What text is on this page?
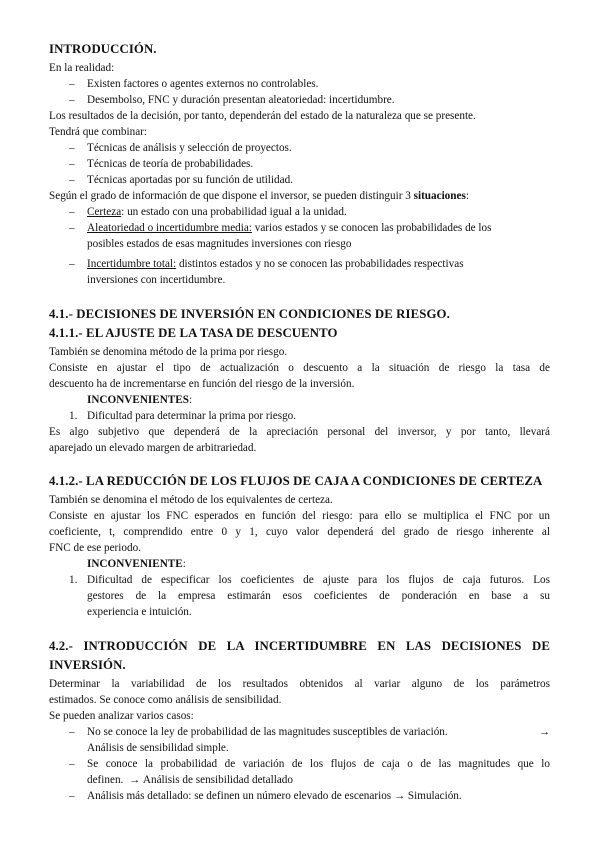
INTRODUCCIÓN.
En la realidad:
– Existen factores o agentes externos no controlables.
– Desembolso, FNC y duración presentan aleatoriedad: incertidumbre.
Los resultados de la decisión, por tanto, dependerán del estado de la naturaleza que se presente.
Tendrá que combinar:
– Técnicas de análisis y selección de proyectos.
– Técnicas de teoría de probabilidades.
– Técnicas aportadas por su función de utilidad.
Según el grado de información de que dispone el inversor, se pueden distinguir 3 situaciones:
– Certeza: un estado con una probabilidad igual a la unidad.
– Aleatoriedad o incertidumbre media: varios estados y se conocen las probabilidades de los
posibles estados de esas magnitudes inversiones con riesgo
– Incertidumbre total: distintos estados y no se conocen las probabilidades respectivas
inversiones con incertidumbre.
4.1.- DECISIONES DE INVERSIÓN EN CONDICIONES DE RIESGO.
4.1.1.- EL AJUSTE DE LA TASA DE DESCUENTO
También se denomina método de la prima por riesgo.
Consiste en ajustar el tipo de actualización o descuento a la situación de riesgo la tasa de
descuento ha de incrementarse en función del riesgo de la inversión.
INCONVENIENTES:
1. Dificultad para determinar la prima por riesgo.
Es algo subjetivo que dependerá de la apreciación personal del inversor, y por tanto, llevará
aparejado un elevado margen de arbitrariedad.
4.1.2.- LA REDUCCIÓN DE LOS FLUJOS DE CAJA A CONDICIONES DE CERTEZA
También se denomina el método de los equivalentes de certeza.
Consiste en ajustar los FNC esperados en función del riesgo: para ello se multiplica el FNC por un
coeficiente, t, comprendido entre 0 y 1, cuyo valor dependerá del grado de riesgo inherente al
FNC de ese periodo.
INCONVENIENTE:
1. Dificultad de especificar los coeficientes de ajuste para los flujos de caja futuros. Los
gestores de la empresa estimarán esos coeficientes de ponderación en base a su
experiencia e intuición.
4.2.- INTRODUCCIÓN DE LA INCERTIDUMBRE EN LAS DECISIONES DE
INVERSIÓN.
Determinar la variabilidad de los resultados obtenidos al variar alguno de los parámetros
estimados. Se conoce como análisis de sensibilidad.
Se pueden analizar varios casos:
– No se conoce la ley de probabilidad de las magnitudes susceptibles de variación.	→
Análisis de sensibilidad simple.
– Se conoce la probabilidad de variación de los flujos de caja o de las magnitudes que lo
definen. → Análisis de sensibilidad detallado
– Análisis más detallado: se definen un número elevado de escenarios → Simulación.
